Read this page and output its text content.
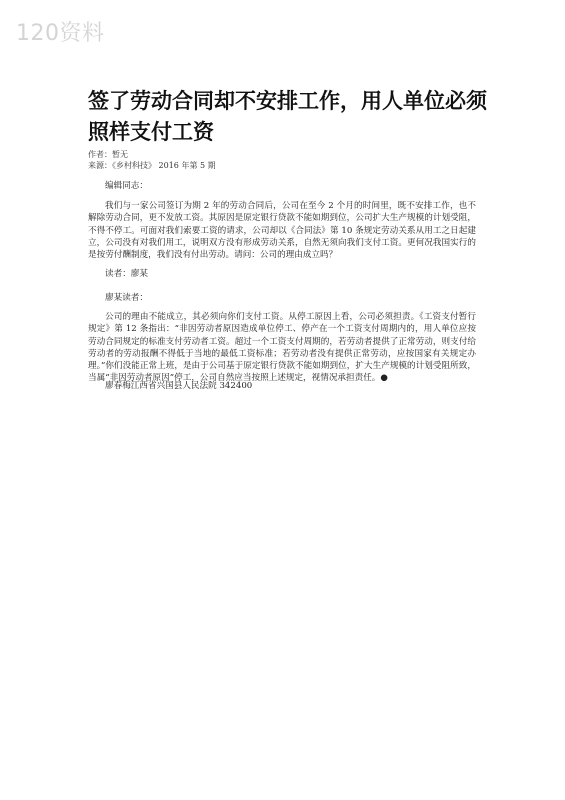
120资料
签了劳动合同却不安排工作，用人单位必须照样支付工资
作者：暂无
来源：《乡村科技》 2016 年第 5 期

编辑同志：

我们与一家公司签订为期 2 年的劳动合同后，公司在至今 2 个月的时间里，既不安排工作，也不解除劳动合同，更不发放工资。其原因是原定银行贷款不能如期到位，公司扩大生产规模的计划受阻，不得不停工。可面对我们索要工资的请求，公司却以《合同法》第 10 条规定劳动关系从用工之日起建立，公司没有对我们用工，说明双方没有形成劳动关系，自然无须向我们支付工资。更何况我国实行的是按劳付酬制度，我们没有付出劳动。请问：公司的理由成立吗？

读者：廖某

廖某读者：

公司的理由不能成立，其必须向你们支付工资。从停工原因上看，公司必须担责。《工资支付暂行规定》第 12 条指出：“非因劳动者原因造成单位停工、停产在一个工资支付周期内的，用人单位应按劳动合同规定的标准支付劳动者工资。超过一个工资支付周期的，若劳动者提供了正常劳动，则支付给劳动者的劳动报酬不得低于当地的最低工资标准；若劳动者没有提供正常劳动，应按国家有关规定办理。”你们没能正常上班，是由于公司基于原定银行贷款不能如期到位，扩大生产规模的计划受阻所致，当属“非因劳动者原因”停工，公司自然应当按照上述规定，视情况承担责任。●

廖春梅江西省兴国县人民法院 342400
